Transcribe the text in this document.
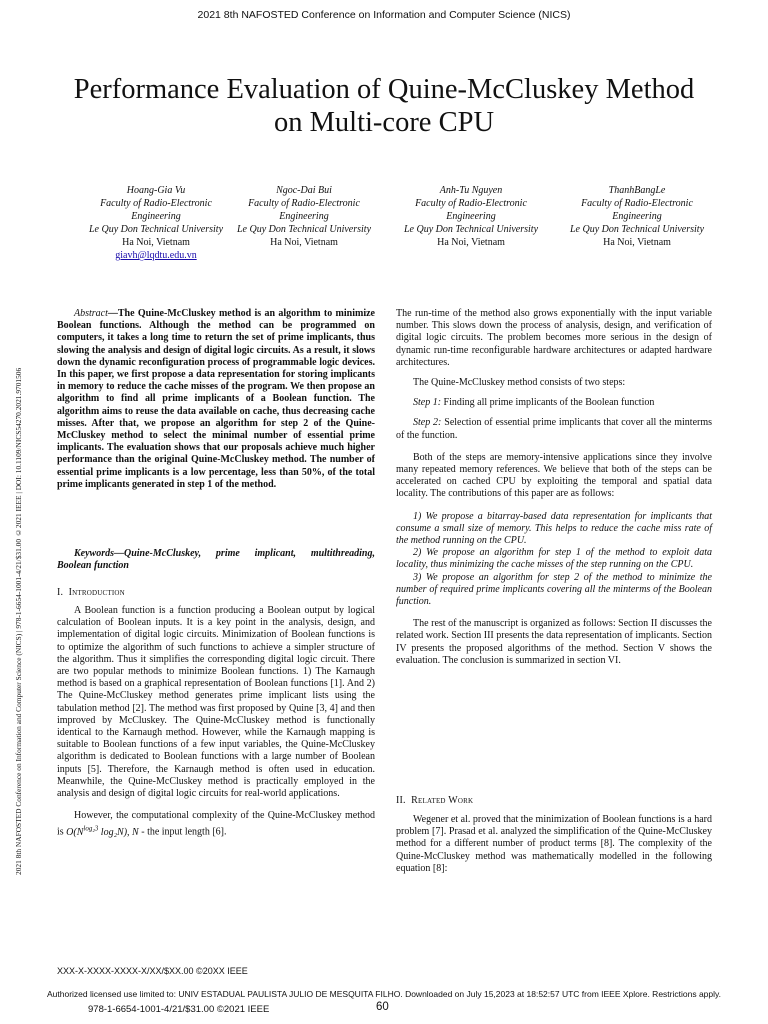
2021 8th NAFOSTED Conference on Information and Computer Science (NICS)
Performance Evaluation of Quine-McCluskey Method
on Multi-core CPU
2021 8th NAFOSTED Conference on Information and Computer Science (NICS) | 978-1-6654-1001-4/21/$31.00 ©2021 IEEE | DOI: 10.1109/NICS54270.2021.9701506
Hoang-Gia Vu
Faculty of Radio-Electronic
Engineering
Le Quy Don Technical University
Ha Noi, Vietnam
giavh@lqdtu.edu.vn
Ngoc-Dai Bui
Faculty of Radio-Electronic
Engineering
Le Quy Don Technical University
Ha Noi, Vietnam
Anh-Tu Nguyen
Faculty of Radio-Electronic
Engineering
Le Quy Don Technical University
Ha Noi, Vietnam
ThanhBangLe
Faculty of Radio-Electronic
Engineering
Le Quy Don Technical University
Ha Noi, Vietnam

Abstract—The Quine-McCluskey method is an algorithm to minimize Boolean functions. Although the method can be programmed on computers, it takes a long time to return the set of prime implicants, thus slowing the analysis and design of digital logic circuits. As a result, it slows down the dynamic reconfiguration process of programmable logic devices. In this paper, we first propose a data representation for storing implicants in memory to reduce the cache misses of the program. We then propose an algorithm to find all prime implicants of a Boolean function. The algorithm aims to reuse the data available on cache, thus decreasing cache misses. After that, we propose an algorithm for step 2 of the Quine-McCluskey method to select the minimal number of essential prime implicants. The evaluation shows that our proposals achieve much higher performance than the original Quine-McCluskey method. The number of essential prime implicants is a low percentage, less than 50%, of the total prime implicants generated in step 1 of the method.

Keywords—Quine-McCluskey, prime implicant, multithreading, Boolean function

I. Introduction

A Boolean function is a function producing a Boolean output by logical calculation of Boolean inputs. It is a key point in the analysis, design, and implementation of digital logic circuits. Minimization of Boolean functions is to optimize the algorithm of such functions to achieve a simpler structure of the algorithm. Thus it simplifies the corresponding digital logic circuit. There are two popular methods to minimize Boolean functions. 1) The Karnaugh method is based on a graphical representation of Boolean functions [1]. And 2) The Quine-McCluskey method generates prime implicant lists using the tabulation method [2]. The method was first proposed by Quine [3, 4] and then improved by McCluskey. The Quine-McCluskey method is functionally identical to the Karnaugh method. However, while the Karnaugh mapping is suitable to Boolean functions of a few input variables, the Quine-McCluskey algorithm is dedicated to Boolean functions with a large number of Boolean inputs [5]. Therefore, the Karnaugh method is often used in education. Meanwhile, the Quine-McCluskey method is practically employed in the analysis and design of digital logic circuits for real-world applications.

However, the computational complexity of the Quine-McCluskey method is $O(N^{log_23}$ log₂N), N - the input length [6].

The run-time of the method also grows exponentially with the input variable number. This slows down the process of analysis, design, and verification of digital logic circuits. The problem becomes more serious in the design of dynamic run-time reconfigurable hardware architectures or adapted hardware architectures.

The Quine-McCluskey method consists of two steps:

Step 1: Finding all prime implicants of the Boolean function

Step 2: Selection of essential prime implicants that cover all the minterms of the function.

Both of the steps are memory-intensive applications since they involve many repeated memory references. We believe that both of the steps can be accelerated on cached CPU by exploiting the temporal and spatial data locality. The contributions of this paper are as follows:

1) We propose a bitarray-based data representation for implicants that consume a small size of memory. This helps to reduce the cache miss rate of the method running on the CPU.

2) We propose an algorithm for step 1 of the method to exploit data locality, thus minimizing the cache misses of the step running on the CPU.

3) We propose an algorithm for step 2 of the method to minimize the number of required prime implicants covering all the minterms of the Boolean function.

The rest of the manuscript is organized as follows: Section II discusses the related work. Section III presents the data representation of implicants. Section IV presents the proposed algorithms of the method. Section V shows the evaluation. The conclusion is summarized in section VI.

II. Related Work

Wegener et al. proved that the minimization of Boolean functions is a hard problem [7]. Prasad et al. analyzed the simplification of the Quine-McCluskey method for a different number of product terms [8]. The complexity of the Quine-McCluskey method was mathematically modelled in the following equation [8]:

XXX-X-XXXX-XXXX-X/XX/$XX.00 ©20XX IEEE
Authorized licensed use limited to: UNIV ESTADUAL PAULISTA JULIO DE MESQUITA FILHO. Downloaded on July 15,2023 at 18:52:57 UTC from IEEE Xplore. Restrictions apply.
978-1-6654-1001-4/21/$31.00 ©2021 IEEE	60
